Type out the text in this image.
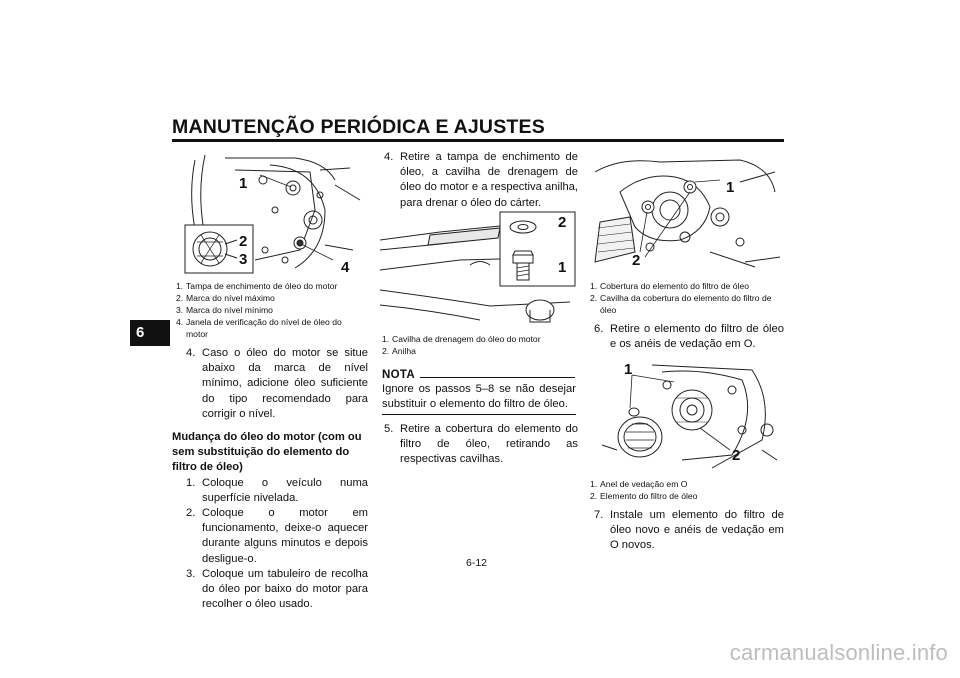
MANUTENÇÃO PERIÓDICA E AJUSTES
6
1
2
3	4
1. Tampa de enchimento de óleo do motor
2. Marca do nível máximo
3. Marca do nível mínimo
4. Janela de verificação do nível de óleo do motor
4. Caso o óleo do motor se situe abaixo da marca de nível mínimo, adicione óleo suficiente do tipo recomendado para corrigir o nível.
Mudança do óleo do motor (com ou sem substituição do elemento do filtro de óleo)
1. Coloque o veículo numa superfície nivelada.
2. Coloque o motor em funcionamento, deixe-o aquecer durante alguns minutos e depois desligue-o.
3. Coloque um tabuleiro de recolha do óleo por baixo do motor para recolher o óleo usado.
4. Retire a tampa de enchimento de óleo, a cavilha de drenagem de óleo do motor e a respectiva anilha, para drenar o óleo do cárter.
2
1
1. Cavilha de drenagem do óleo do motor
2. Anilha
NOTA
Ignore os passos 5–8 se não desejar substituir o elemento do filtro de óleo.
5. Retire a cobertura do elemento do filtro de óleo, retirando as respectivas cavilhas.
1
2
1. Cobertura do elemento do filtro de óleo
2. Cavilha da cobertura do elemento do filtro de óleo
6. Retire o elemento do filtro de óleo e os anéis de vedação em O.
1
2
1. Anel de vedação em O
2. Elemento do filtro de óleo
7. Instale um elemento do filtro de óleo novo e anéis de vedação em O novos.
6-12
carmanualsonline.info
